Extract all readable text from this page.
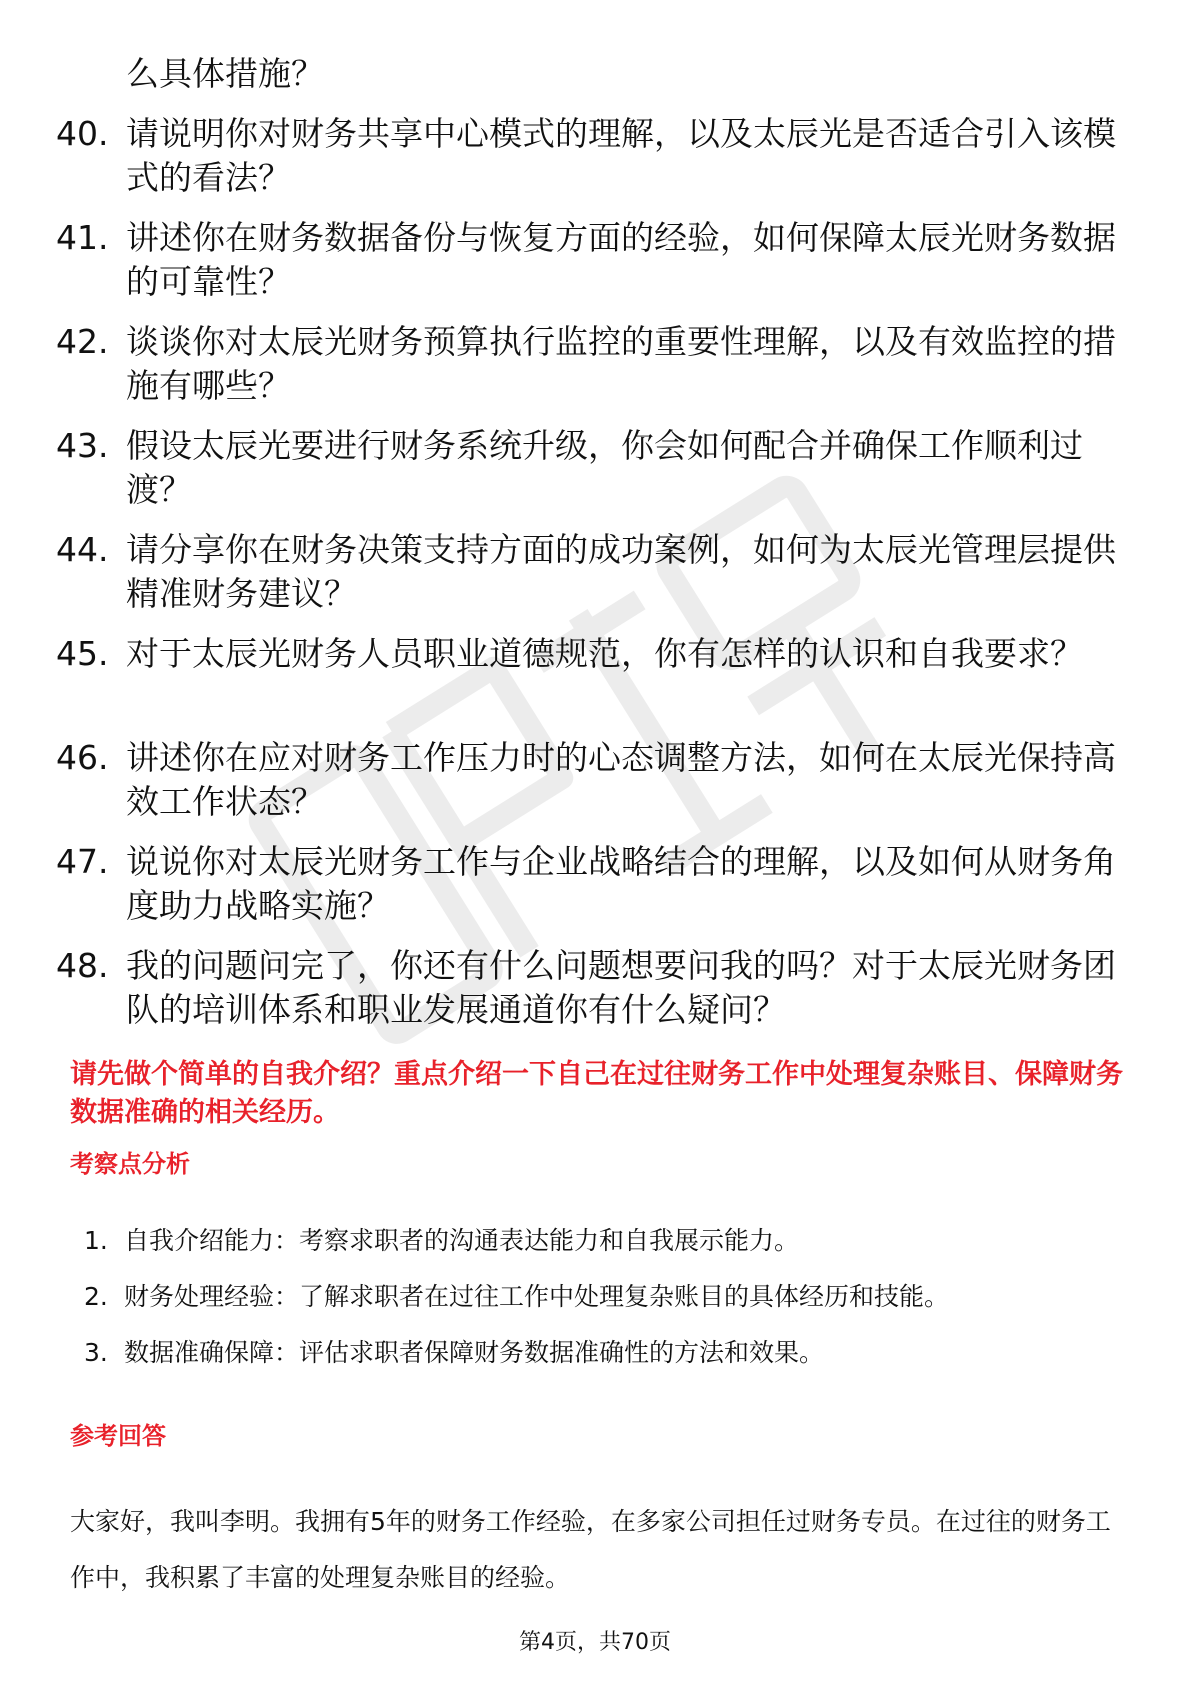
么具体措施？

40. 请说明你对财务共享中心模式的理解，以及太辰光是否适合引入该模式的看法？
41. 讲述你在财务数据备份与恢复方面的经验，如何保障太辰光财务数据的可靠性？
42. 谈谈你对太辰光财务预算执行监控的重要性理解，以及有效监控的措施有哪些？
43. 假设太辰光要进行财务系统升级，你会如何配合并确保工作顺利过渡？
44. 请分享你在财务决策支持方面的成功案例，如何为太辰光管理层提供精准财务建议？
45. 对于太辰光财务人员职业道德规范，你有怎样的认识和自我要求？
46. 讲述你在应对财务工作压力时的心态调整方法，如何在太辰光保持高效工作状态？
47. 说说你对太辰光财务工作与企业战略结合的理解，以及如何从财务角度助力战略实施？
48. 我的问题问完了，你还有什么问题想要问我的吗？对于太辰光财务团队的培训体系和职业发展通道你有什么疑问？

请先做个简单的自我介绍？重点介绍一下自己在过往财务工作中处理复杂账目、保障财务数据准确的相关经历。

考察点分析
1. 自我介绍能力：考察求职者的沟通表达能力和自我展示能力。
2. 财务处理经验：了解求职者在过往工作中处理复杂账目的具体经历和技能。
3. 数据准确保障：评估求职者保障财务数据准确性的方法和效果。
参考回答

大家好，我叫李明。我拥有5年的财务工作经验，在多家公司担任过财务专员。在过往的财务工作中，我积累了丰富的处理复杂账目的经验。

第4页，共70页
